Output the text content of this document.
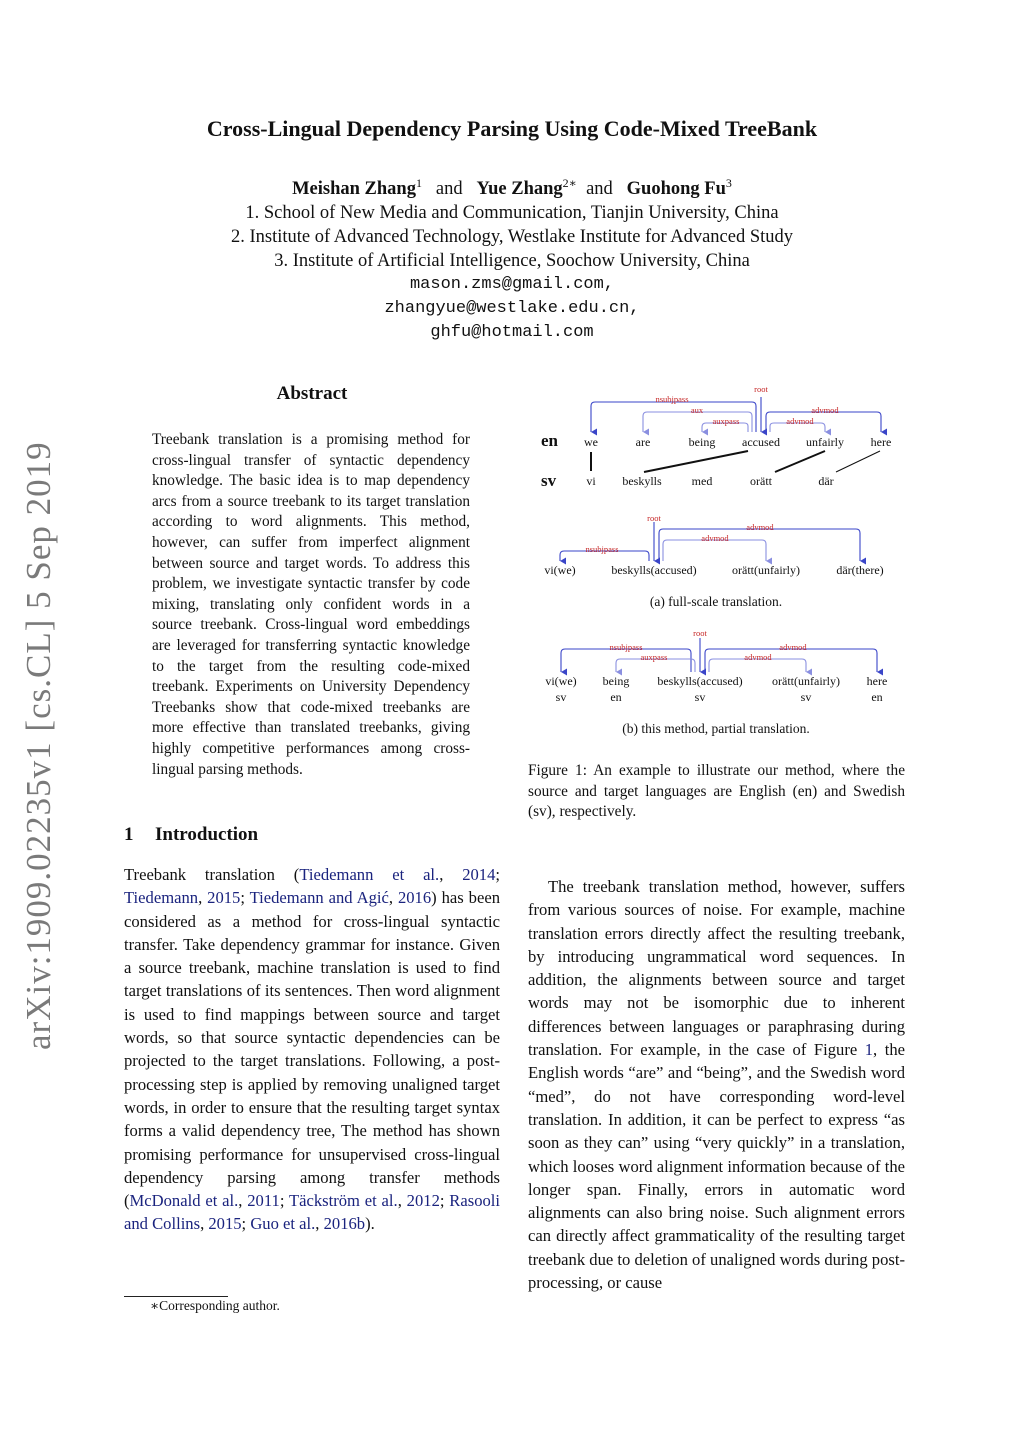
arXiv:1909.02235v1 [cs.CL] 5 Sep 2019
Cross-Lingual Dependency Parsing Using Code-Mixed TreeBank
Meishan Zhang$^1$ and Yue Zhang$^{2∗}$ and Guohong Fu$^3$
1. School of New Media and Communication, Tianjin University, China
2. Institute of Advanced Technology, Westlake Institute for Advanced Study
3. Institute of Artificial Intelligence, Soochow University, China
mason.zms@gmail.com,
zhangyue@westlake.edu.cn,
ghfu@hotmail.com
Abstract
Treebank translation is a promising method for cross-lingual transfer of syntactic dependency knowledge. The basic idea is to map dependency arcs from a source treebank to its target translation according to word alignments. This method, however, can suffer from imperfect alignment between source and target words. To address this problem, we investigate syntactic transfer by code mixing, translating only confident words in a source treebank. Cross-lingual word embeddings are leveraged for transferring syntactic knowledge to the target from the resulting code-mixed treebank. Experiments on University Dependency Treebanks show that code-mixed treebanks are more effective than translated treebanks, giving highly competitive performances among cross-lingual parsing methods.
1 Introduction
Treebank translation (Tiedemann et al., 2014; Tiedemann, 2015; Tiedemann and Agić, 2016) has been considered as a method for cross-lingual syntactic transfer. Take dependency grammar for instance. Given a source treebank, machine translation is used to find target translations of its sentences. Then word alignment is used to find mappings between source and target words, so that source syntactic dependencies can be projected to the target translations. Following, a post-processing step is applied by removing unaligned target words, in order to ensure that the resulting target syntax forms a valid dependency tree, The method has shown promising performance for unsupervised cross-lingual dependency parsing among transfer methods (McDonald et al., 2011; Täckström et al., 2012; Rasooli and Collins, 2015; Guo et al., 2016b).
∗Corresponding author.
en
sv
we	are	being accused unfairly here
vi beskylls med	orätt	där
root
nsubjpass
aux
auxpass
advmod
advmod
vi(we)	beskylls(accused)	orätt(unfairly)	där(there)
root
nsubjpass
advmod
advmod
(a) full-scale translation.
vi(we) being beskylls(accused) orätt(unfairly) here
sv	en	sv	sv	en
root
nsubjpass
auxpass
advmod
advmod
(b) this method, partial translation.
Figure 1: An example to illustrate our method, where the source and target languages are English (en) and Swedish (sv), respectively.
The treebank translation method, however, suffers from various sources of noise. For example, machine translation errors directly affect the resulting treebank, by introducing ungrammatical word sequences. In addition, the alignments between source and target words may not be isomorphic due to inherent differences between languages or paraphrasing during translation. For example, in the case of Figure 1, the English words “are” and “being”, and the Swedish word “med”, do not have corresponding word-level translation. In addition, it can be perfect to express “as soon as they can” using “very quickly” in a translation, which looses word alignment information because of the longer span. Finally, errors in automatic word alignments can also bring noise. Such alignment errors can directly affect grammaticality of the resulting target treebank due to deletion of unaligned words during post-processing, or cause
